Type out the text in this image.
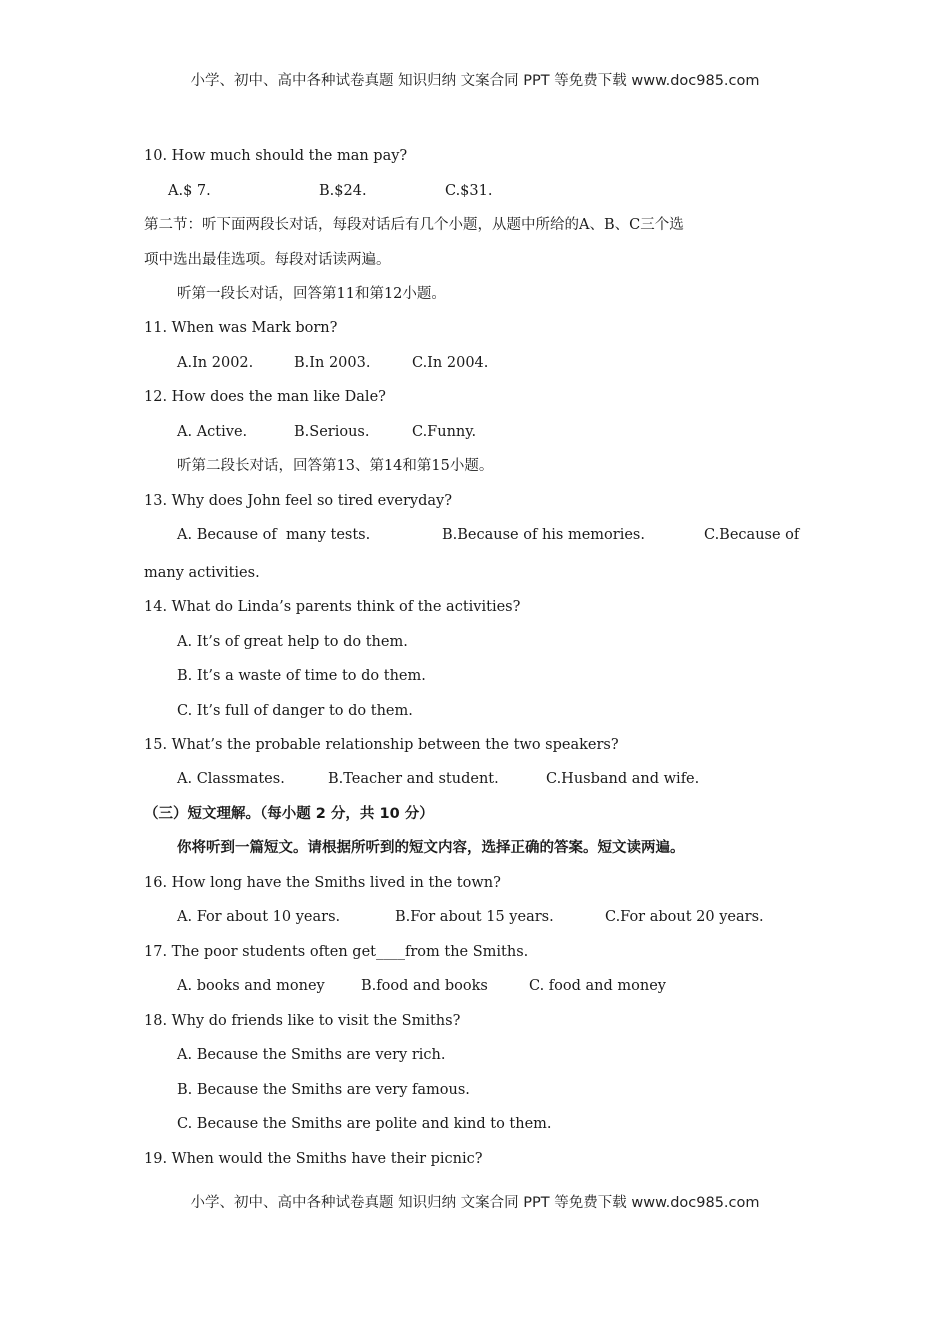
小学、初中、高中各种试卷真题 知识归纳 文案合同 PPT 等免费下载 www.doc985.com
10. How much should the man pay?
A.$ 7.	B.$24.	C.$31.
第二节：听下面两段长对话，每段对话后有几个小题，从题中所给的A、B、C三个选
项中选出最佳选项。每段对话读两遍。
听第一段长对话，回答第11和第12小题。
11. When was Mark born?
A.In 2002.	B.In 2003.	C.In 2004.
12. How does the man like Dale?
A. Active.	B.Serious.	C.Funny.
听第二段长对话，回答第13、第14和第15小题。
13. Why does John feel so tired everyday?
A. Because of  many tests.	B.Because of his memories.	C.Because of
many activities.
14. What do Linda’s parents think of the activities?
A. It’s of great help to do them.
B. It’s a waste of time to do them.
C. It’s full of danger to do them.
15. What’s the probable relationship between the two speakers?
A. Classmates.	B.Teacher and student.	C.Husband and wife.
（三）短文理解。（每小题 2 分，共 10 分）
你将听到一篇短文。请根据所听到的短文内容，选择正确的答案。短文读两遍。
16. How long have the Smiths lived in the town?
A. For about 10 years.	B.For about 15 years.	C.For about 20 years.
17. The poor students often get____from the Smiths.
A. books and money	B.food and books	C. food and money
18. Why do friends like to visit the Smiths?
A. Because the Smiths are very rich.
B. Because the Smiths are very famous.
C. Because the Smiths are polite and kind to them.
19. When would the Smiths have their picnic?
小学、初中、高中各种试卷真题 知识归纳 文案合同 PPT 等免费下载 www.doc985.com
